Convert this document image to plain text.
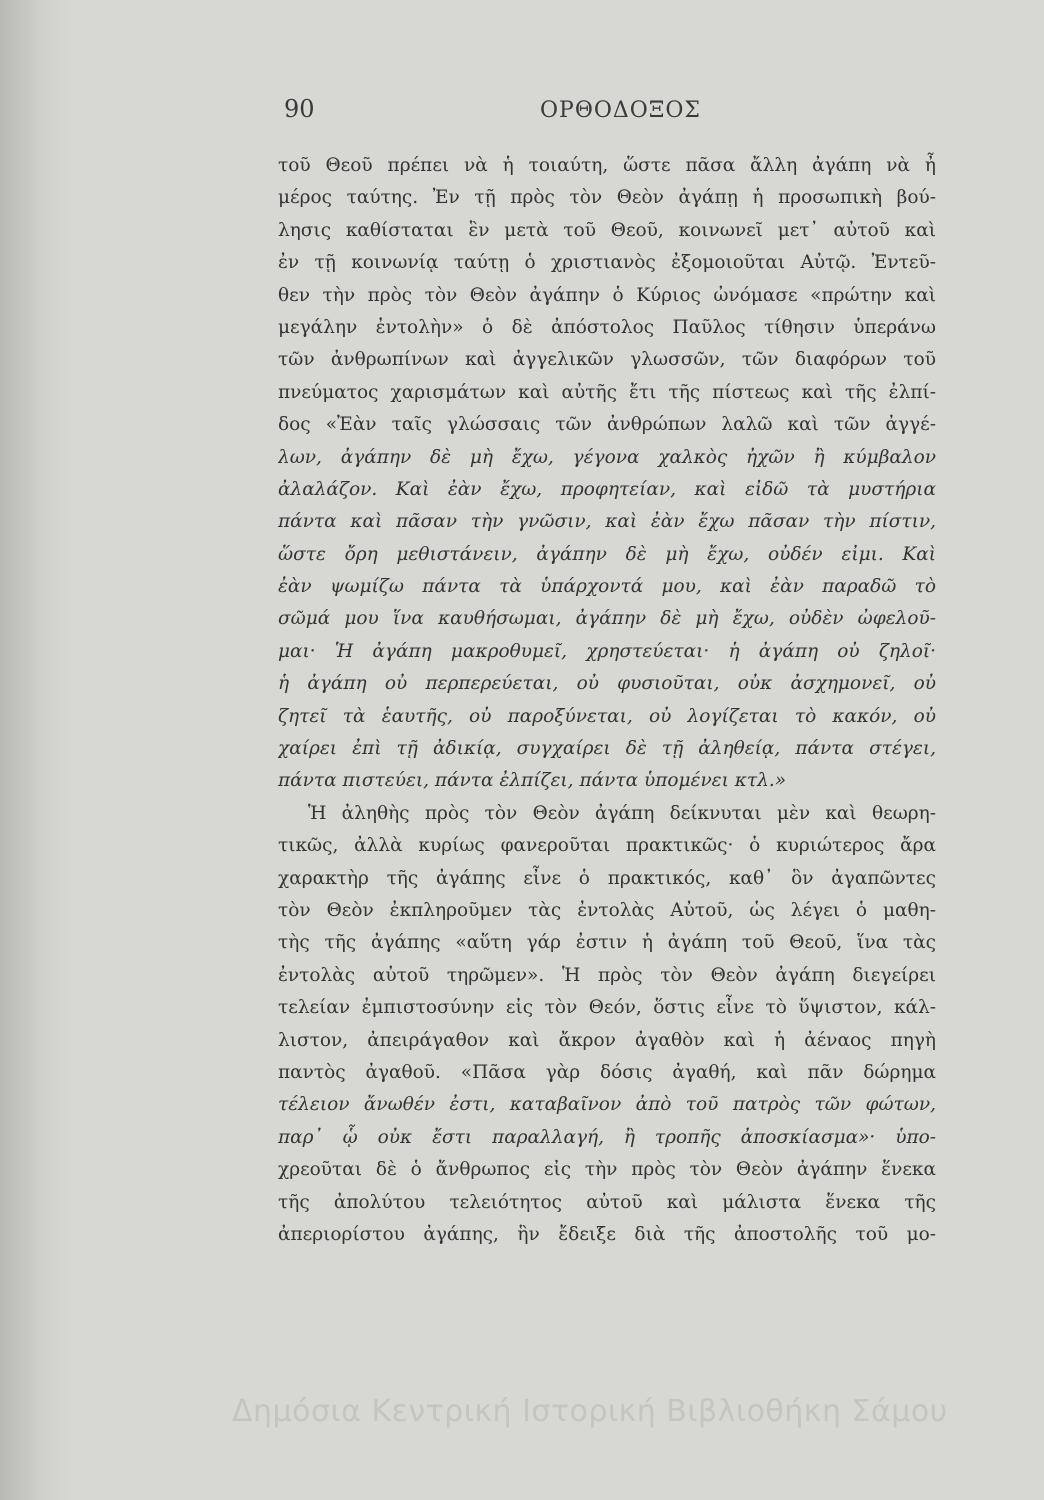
90	ΟΡΘΟΔΟΞΟΣ
τοῦ Θεοῦ πρέπει νὰ ἡ τοιαύτη, ὥστε πᾶσα ἄλλη ἀγάπη νὰ ἦ
μέρος ταύτης. Ἐν τῇ πρὸς τὸν Θεὸν ἀγάπῃ ἡ προσωπικὴ βού-
λησις καθίσταται ἓν μετὰ τοῦ Θεοῦ, κοινωνεῖ μετ᾽ αὐτοῦ καὶ
ἐν τῇ κοινωνίᾳ ταύτῃ ὁ χριστιανὸς ἐξομοιοῦται Αὐτῷ. Ἐντεῦ-
θεν τὴν πρὸς τὸν Θεὸν ἀγάπην ὁ Κύριος ὠνόμασε «πρώτην καὶ
μεγάλην ἐντολὴν» ὁ δὲ ἀπόστολος Παῦλος τίθησιν ὑπεράνω
τῶν ἀνθρωπίνων καὶ ἀγγελικῶν γλωσσῶν, τῶν διαφόρων τοῦ
πνεύματος χαρισμάτων καὶ αὐτῆς ἔτι τῆς πίστεως καὶ τῆς ἐλπί-
δος «Ἐὰν ταῖς γλώσσαις τῶν ἀνθρώπων λαλῶ καὶ τῶν ἀγγέ-
λων, ἀγάπην δὲ μὴ ἔχω, γέγονα χαλκὸς ἠχῶν ἢ κύμβαλον
ἀλαλάζον. Καὶ ἐὰν ἔχω, προφητείαν, καὶ εἰδῶ τὰ μυστήρια
πάντα καὶ πᾶσαν τὴν γνῶσιν, καὶ ἐὰν ἔχω πᾶσαν τὴν πίστιν,
ὥστε ὄρη μεθιστάνειν, ἀγάπην δὲ μὴ ἔχω, οὐδέν εἰμι. Καὶ
ἐὰν ψωμίζω πάντα τὰ ὑπάρχοντά μου, καὶ ἐὰν παραδῶ τὸ
σῶμά μου ἵνα καυθήσωμαι, ἀγάπην δὲ μὴ ἔχω, οὐδὲν ὠφελοῦ-
μαι· Ἡ ἀγάπη μακροθυμεῖ, χρηστεύεται· ἡ ἀγάπη οὐ ζηλοῖ·
ἡ ἀγάπη οὐ περπερεύεται, οὐ φυσιοῦται, οὐκ ἀσχημονεῖ, οὐ
ζητεῖ τὰ ἑαυτῆς, οὐ παροξύνεται, οὐ λογίζεται τὸ κακόν, οὐ
χαίρει ἐπὶ τῇ ἀδικίᾳ, συγχαίρει δὲ τῇ ἀληθείᾳ, πάντα στέγει,
πάντα πιστεύει, πάντα ἐλπίζει, πάντα ὑπομένει κτλ.»
Ἡ ἀληθὴς πρὸς τὸν Θεὸν ἀγάπη δείκνυται μὲν καὶ θεωρη-
τικῶς, ἀλλὰ κυρίως φανεροῦται πρακτικῶς· ὁ κυριώτερος ἄρα
χαρακτὴρ τῆς ἀγάπης εἶνε ὁ πρακτικός, καθ᾽ ὃν ἀγαπῶντες
τὸν Θεὸν ἐκπληροῦμεν τὰς ἐντολὰς Αὐτοῦ, ὡς λέγει ὁ μαθη-
τὴς τῆς ἀγάπης «αὕτη γάρ ἐστιν ἡ ἀγάπη τοῦ Θεοῦ, ἵνα τὰς
ἐντολὰς αὐτοῦ τηρῶμεν». Ἡ πρὸς τὸν Θεὸν ἀγάπη διεγείρει
τελείαν ἐμπιστοσύνην εἰς τὸν Θεόν, ὅστις εἶνε τὸ ὕψιστον, κάλ-
λιστον, ἀπειράγαθον καὶ ἄκρον ἀγαθὸν καὶ ἡ ἀέναος πηγὴ
παντὸς ἀγαθοῦ. «Πᾶσα γὰρ δόσις ἀγαθή, καὶ πᾶν δώρημα
τέλειον ἄνωθέν ἐστι, καταβαῖνον ἀπὸ τοῦ πατρὸς τῶν φώτων,
παρ᾽ ᾧ οὐκ ἔστι παραλλαγή, ἢ τροπῆς ἀποσκίασμα»· ὑπο-
χρεοῦται δὲ ὁ ἄνθρωπος εἰς τὴν πρὸς τὸν Θεὸν ἀγάπην ἕνεκα
τῆς ἀπολύτου τελειότητος αὐτοῦ καὶ μάλιστα ἕνεκα τῆς
ἀπεριορίστου ἀγάπης, ἣν ἔδειξε διὰ τῆς ἀποστολῆς τοῦ μο-
Δημόσια Κεντρική Ιστορική Βιβλιοθήκη Σάμου
